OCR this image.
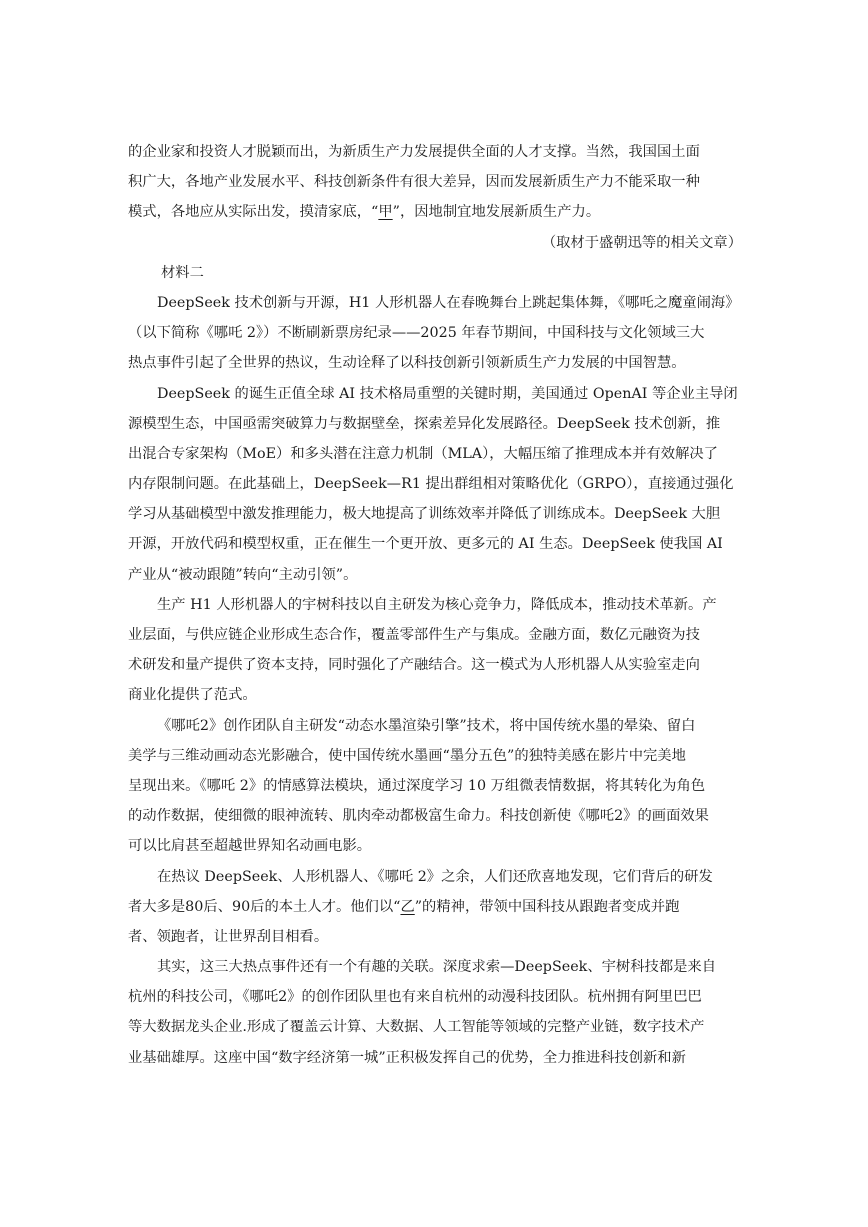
的企业家和投资人才脱颖而出，为新质生产力发展提供全面的人才支撑。当然，我国国土面
积广大，各地产业发展水平、科技创新条件有很大差异，因而发展新质生产力不能采取一种
模式，各地应从实际出发，摸清家底，“甲”，因地制宜地发展新质生产力。
（取材于盛朝迅等的相关文章）
材料二
DeepSeek 技术创新与开源，H1 人形机器人在春晚舞台上跳起集体舞，《哪吒之魔童闹海》
（以下简称《哪吒 2》）不断刷新票房纪录——2025 年春节期间，中国科技与文化领域三大
热点事件引起了全世界的热议，生动诠释了以科技创新引领新质生产力发展的中国智慧。
DeepSeek 的诞生正值全球 AI 技术格局重塑的关键时期，美国通过 OpenAI 等企业主导闭
源模型生态，中国亟需突破算力与数据壁垒，探索差异化发展路径。DeepSeek 技术创新，推
出混合专家架构（MoE）和多头潜在注意力机制（MLA），大幅压缩了推理成本并有效解决了
内存限制问题。在此基础上，DeepSeek—R1 提出群组相对策略优化（GRPO），直接通过强化
学习从基础模型中激发推理能力，极大地提高了训练效率并降低了训练成本。DeepSeek 大胆
开源，开放代码和模型权重，正在催生一个更开放、更多元的 AI 生态。DeepSeek 使我国 AI
产业从“被动跟随”转向“主动引领”。
生产 H1 人形机器人的宇树科技以自主研发为核心竞争力，降低成本，推动技术革新。产
业层面，与供应链企业形成生态合作，覆盖零部件生产与集成。金融方面，数亿元融资为技
术研发和量产提供了资本支持，同时强化了产融结合。这一模式为人形机器人从实验室走向
商业化提供了范式。
《哪吒2》创作团队自主研发“动态水墨渲染引擎”技术，将中国传统水墨的晕染、留白
美学与三维动画动态光影融合，使中国传统水墨画“墨分五色”的独特美感在影片中完美地
呈现出来。《哪吒 2》的情感算法模块，通过深度学习 10 万组微表情数据，将其转化为角色
的动作数据，使细微的眼神流转、肌肉牵动都极富生命力。科技创新使《哪吒2》的画面效果
可以比肩甚至超越世界知名动画电影。
在热议 DeepSeek、人形机器人、《哪吒 2》之余，人们还欣喜地发现，它们背后的研发
者大多是80后、90后的本土人才。他们以“乙”的精神，带领中国科技从跟跑者变成并跑
者、领跑者，让世界刮目相看。
其实，这三大热点事件还有一个有趣的关联。深度求索—DeepSeek、宇树科技都是来自
杭州的科技公司，《哪吒2》的创作团队里也有来自杭州的动漫科技团队。杭州拥有阿里巴巴
等大数据龙头企业.形成了覆盖云计算、大数据、人工智能等领域的完整产业链，数字技术产
业基础雄厚。这座中国“数字经济第一城”正积极发挥自己的优势，全力推进科技创新和新
